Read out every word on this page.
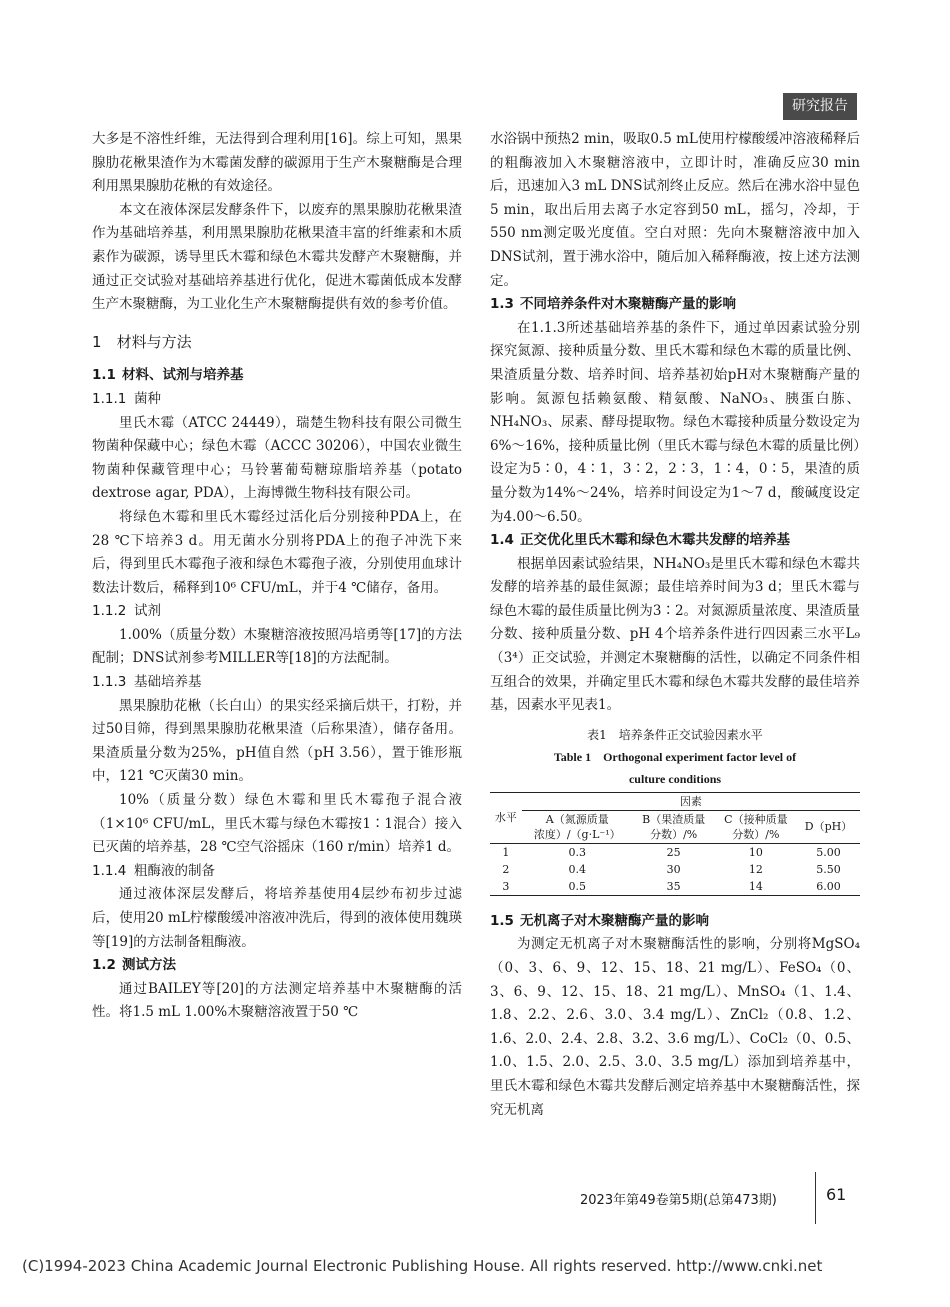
研究报告

大多是不溶性纤维，无法得到合理利用[16]。综上可知，黑果腺肋花楸果渣作为木霉菌发酵的碳源用于生产木聚糖酶是合理利用黑果腺肋花楸的有效途径。

本文在液体深层发酵条件下，以废弃的黑果腺肋花楸果渣作为基础培养基，利用黑果腺肋花楸果渣丰富的纤维素和木质素作为碳源，诱导里氏木霉和绿色木霉共发酵产木聚糖酶，并通过正交试验对基础培养基进行优化，促进木霉菌低成本发酵生产木聚糖酶，为工业化生产木聚糖酶提供有效的参考价值。

1　 材料与方法

1.1 材料、试剂与培养基

1.1.1 菌种

里氏木霉（ATCC 24449），瑞楚生物科技有限公司微生物菌种保藏中心；绿色木霉（ACCC 30206），中国农业微生物菌种保藏管理中心；马铃薯葡萄糖琼脂培养基（potato dextrose agar, PDA），上海博微生物科技有限公司。

将绿色木霉和里氏木霉经过活化后分别接种PDA上，在28 ℃下培养3 d。用无菌水分别将PDA上的孢子冲洗下来后，得到里氏木霉孢子液和绿色木霉孢子液，分别使用血球计数法计数后，稀释到10⁶ CFU/mL，并于4 ℃储存，备用。

1.1.2 试剂

1.00%（质量分数）木聚糖溶液按照冯培勇等[17]的方法配制；DNS试剂参考MILLER等[18]的方法配制。

1.1.3 基础培养基

黑果腺肋花楸（长白山）的果实经采摘后烘干，打粉，并过50目筛，得到黑果腺肋花楸果渣（后称果渣），储存备用。果渣质量分数为25%，pH值自然（pH 3.56），置于锥形瓶中，121 ℃灭菌30 min。

10%（质量分数）绿色木霉和里氏木霉孢子混合液（1×10⁶ CFU/mL，里氏木霉与绿色木霉按1∶1混合）接入已灭菌的培养基，28 ℃空气浴摇床（160 r/min）培养1 d。

1.1.4 粗酶液的制备

通过液体深层发酵后，将培养基使用4层纱布初步过滤后，使用20 mL柠檬酸缓冲溶液冲洗后，得到的液体使用魏瑛等[19]的方法制备粗酶液。

1.2 测试方法

通过BAILEY等[20]的方法测定培养基中木聚糖酶的活性。将1.5 mL 1.00%木聚糖溶液置于50 ℃

水浴锅中预热2 min，吸取0.5 mL使用柠檬酸缓冲溶液稀释后的粗酶液加入木聚糖溶液中，立即计时，准确反应30 min后，迅速加入3 mL DNS试剂终止反应。然后在沸水浴中显色5 min，取出后用去离子水定容到50 mL，摇匀，冷却，于550 nm测定吸光度值。空白对照：先向木聚糖溶液中加入DNS试剂，置于沸水浴中，随后加入稀释酶液，按上述方法测定。

1.3 不同培养条件对木聚糖酶产量的影响

在1.1.3所述基础培养基的条件下，通过单因素试验分别探究氮源、接种质量分数、里氏木霉和绿色木霉的质量比例、果渣质量分数、培养时间、培养基初始pH对木聚糖酶产量的影响。氮源包括赖氨酸、精氨酸、NaNO₃、胰蛋白胨、NH₄NO₃、尿素、酵母提取物。绿色木霉接种质量分数设定为6%～16%，接种质量比例（里氏木霉与绿色木霉的质量比例）设定为5∶0，4∶1，3∶2，2∶3，1∶4，0∶5，果渣的质量分数为14%～24%，培养时间设定为1～7 d，酸碱度设定为4.00～6.50。

1.4 正交优化里氏木霉和绿色木霉共发酵的培养基

根据单因素试验结果，NH₄NO₃是里氏木霉和绿色木霉共发酵的培养基的最佳氮源；最佳培养时间为3 d；里氏木霉与绿色木霉的最佳质量比例为3∶2。对氮源质量浓度、果渣质量分数、接种质量分数、pH 4个培养条件进行四因素三水平L₉（3⁴）正交试验，并测定木聚糖酶的活性，以确定不同条件相互组合的效果，并确定里氏木霉和绿色木霉共发酵的最佳培养基，因素水平见表1。

表1　培养条件正交试验因素水平
Table 1　Orthogonal experiment factor level of
culture conditions
水平	因素			
	A（氮源质量
浓度）/（g·L⁻¹）	B（果渣质量
分数）/%	C（接种质量
分数）/%	D（pH）
1	0.3	25	10	5.00
2	0.4	30	12	5.50
3	0.5	35	14	6.00

1.5 无机离子对木聚糖酶产量的影响

为测定无机离子对木聚糖酶活性的影响，分别将MgSO₄（0、3、6、9、12、15、18、21 mg/L）、FeSO₄（0、3、6、9、12、15、18、21 mg/L）、MnSO₄（1、1.4、1.8、2.2、2.6、3.0、3.4 mg/L）、ZnCl₂（0.8、1.2、1.6、2.0、2.4、2.8、3.2、3.6 mg/L）、CoCl₂（0、0.5、1.0、1.5、2.0、2.5、3.0、3.5 mg/L）添加到培养基中，里氏木霉和绿色木霉共发酵后测定培养基中木聚糖酶活性，探究无机离

2023年第49卷第5期(总第473期)	61
(C)1994-2023 China Academic Journal Electronic Publishing House. All rights reserved. http://www.cnki.net
